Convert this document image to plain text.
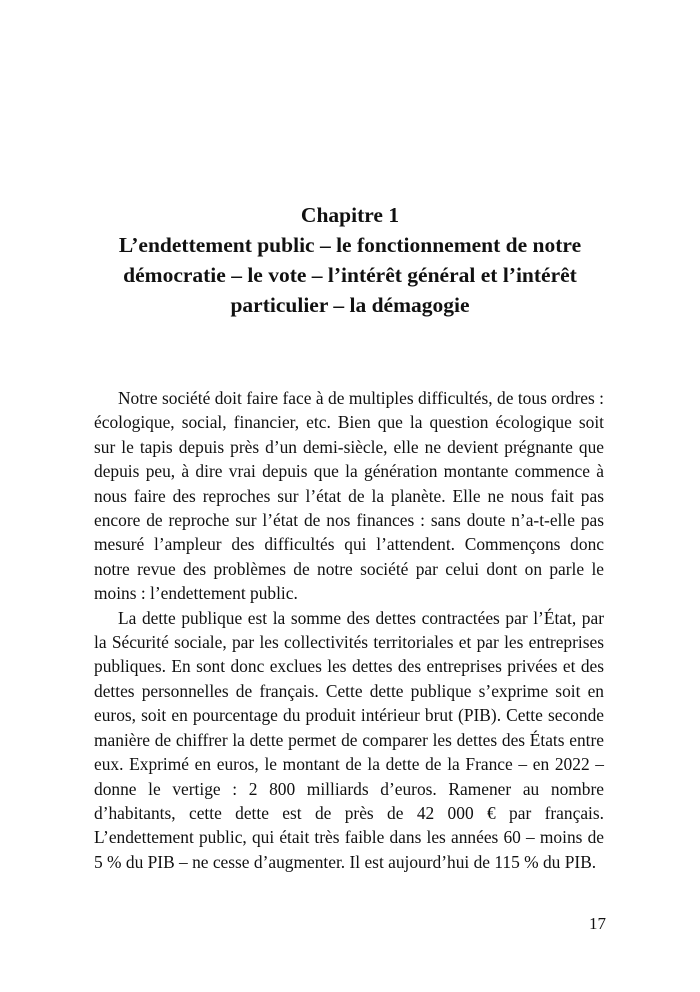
Chapitre 1
L’endettement public – le fonctionnement de notre
démocratie – le vote – l’intérêt général et l’intérêt
particulier – la démagogie

Notre société doit faire face à de multiples difficultés, de tous ordres : écologique, social, financier, etc. Bien que la question écologique soit sur le tapis depuis près d’un demi-siècle, elle ne devient prégnante que depuis peu, à dire vrai depuis que la génération montante commence à nous faire des reproches sur l’état de la planète. Elle ne nous fait pas encore de reproche sur l’état de nos finances : sans doute n’a-t-elle pas mesuré l’ampleur des difficultés qui l’attendent. Commençons donc notre revue des problèmes de notre société par celui dont on parle le moins : l’endettement public.

La dette publique est la somme des dettes contractées par l’État, par la Sécurité sociale, par les collectivités territoriales et par les entreprises publiques. En sont donc exclues les dettes des entreprises privées et des dettes personnelles de français. Cette dette publique s’exprime soit en euros, soit en pourcentage du produit intérieur brut (PIB). Cette seconde manière de chiffrer la dette permet de comparer les dettes des États entre eux. Exprimé en euros, le montant de la dette de la France – en 2022 – donne le vertige : 2 800 milliards d’euros. Ramener au nombre d’habitants, cette dette est de près de 42 000 € par français. L’endettement public, qui était très faible dans les années 60 – moins de 5 % du PIB – ne cesse d’augmenter. Il est aujourd’hui de 115 % du PIB.

17
